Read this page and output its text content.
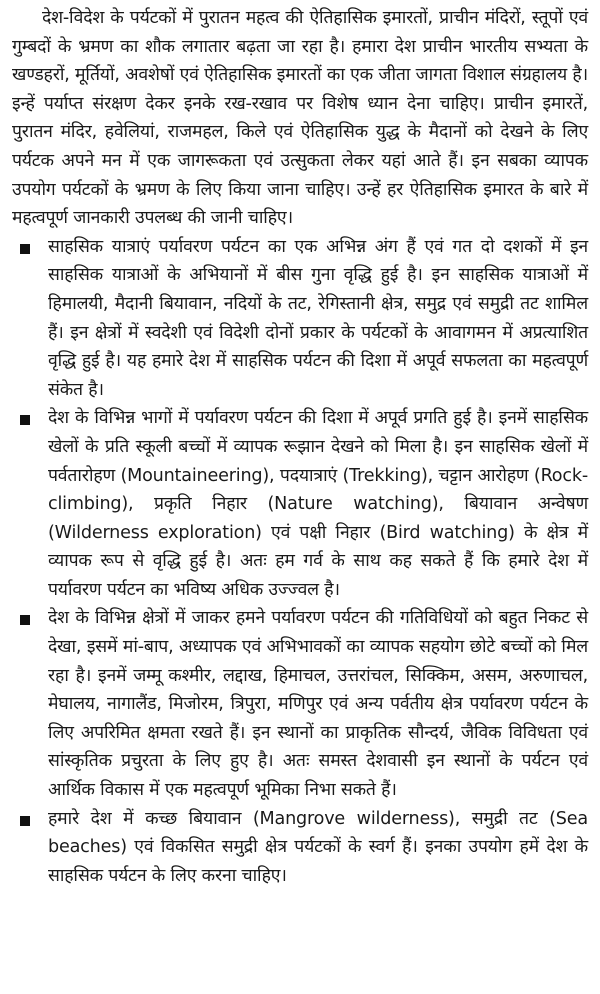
देश-विदेश के पर्यटकों में पुरातन महत्व की ऐतिहासिक इमारतों, प्राचीन मंदिरों, स्तूपों एवं गुम्बदों के भ्रमण का शौक लगातार बढ़ता जा रहा है। हमारा देश प्राचीन भारतीय सभ्यता के खण्डहरों, मूर्तियों, अवशेषों एवं ऐतिहासिक इमारतों का एक जीता जागता विशाल संग्रहालय है। इन्हें पर्याप्त संरक्षण देकर इनके रख-रखाव पर विशेष ध्यान देना चाहिए। प्राचीन इमारतें, पुरातन मंदिर, हवेलियां, राजमहल, किले एवं ऐतिहासिक युद्ध के मैदानों को देखने के लिए पर्यटक अपने मन में एक जागरूकता एवं उत्सुकता लेकर यहां आते हैं। इन सबका व्यापक उपयोग पर्यटकों के भ्रमण के लिए किया जाना चाहिए। उन्हें हर ऐतिहासिक इमारत के बारे में महत्वपूर्ण जानकारी उपलब्ध की जानी चाहिए।

साहसिक यात्राएं पर्यावरण पर्यटन का एक अभिन्न अंग हैं एवं गत दो दशकों में इन साहसिक यात्राओं के अभियानों में बीस गुना वृद्धि हुई है। इन साहसिक यात्राओं में हिमालयी, मैदानी बियावान, नदियों के तट, रेगिस्तानी क्षेत्र, समुद्र एवं समुद्री तट शामिल हैं। इन क्षेत्रों में स्वदेशी एवं विदेशी दोनों प्रकार के पर्यटकों के आवागमन में अप्रत्याशित वृद्धि हुई है। यह हमारे देश में साहसिक पर्यटन की दिशा में अपूर्व सफलता का महत्वपूर्ण संकेत है।
देश के विभिन्न भागों में पर्यावरण पर्यटन की दिशा में अपूर्व प्रगति हुई है। इनमें साहसिक खेलों के प्रति स्कूली बच्चों में व्यापक रूझान देखने को मिला है। इन साहसिक खेलों में पर्वतारोहण (Mountaineering), पदयात्राएं (Trekking), चट्टान आरोहण (Rock-climbing), प्रकृति निहार (Nature watching), बियावान अन्वेषण (Wilderness exploration) एवं पक्षी निहार (Bird watching) के क्षेत्र में व्यापक रूप से वृद्धि हुई है। अतः हम गर्व के साथ कह सकते हैं कि हमारे देश में पर्यावरण पर्यटन का भविष्य अधिक उज्ज्वल है।
देश के विभिन्न क्षेत्रों में जाकर हमने पर्यावरण पर्यटन की गतिविधियों को बहुत निकट से देखा, इसमें मां-बाप, अध्यापक एवं अभिभावकों का व्यापक सहयोग छोटे बच्चों को मिल रहा है। इनमें जम्मू कश्मीर, लद्दाख, हिमाचल, उत्तरांचल, सिक्किम, असम, अरुणाचल, मेघालय, नागालैंड, मिजोरम, त्रिपुरा, मणिपुर एवं अन्य पर्वतीय क्षेत्र पर्यावरण पर्यटन के लिए अपरिमित क्षमता रखते हैं। इन स्थानों का प्राकृतिक सौन्दर्य, जैविक विविधता एवं सांस्कृतिक प्रचुरता के लिए हुए है। अतः समस्त देशवासी इन स्थानों के पर्यटन एवं आर्थिक विकास में एक महत्वपूर्ण भूमिका निभा सकते हैं।
हमारे देश में कच्छ बियावान (Mangrove wilderness), समुद्री तट (Sea beaches) एवं विकसित समुद्री क्षेत्र पर्यटकों के स्वर्ग हैं। इनका उपयोग हमें देश के साहसिक पर्यटन के लिए करना चाहिए।
